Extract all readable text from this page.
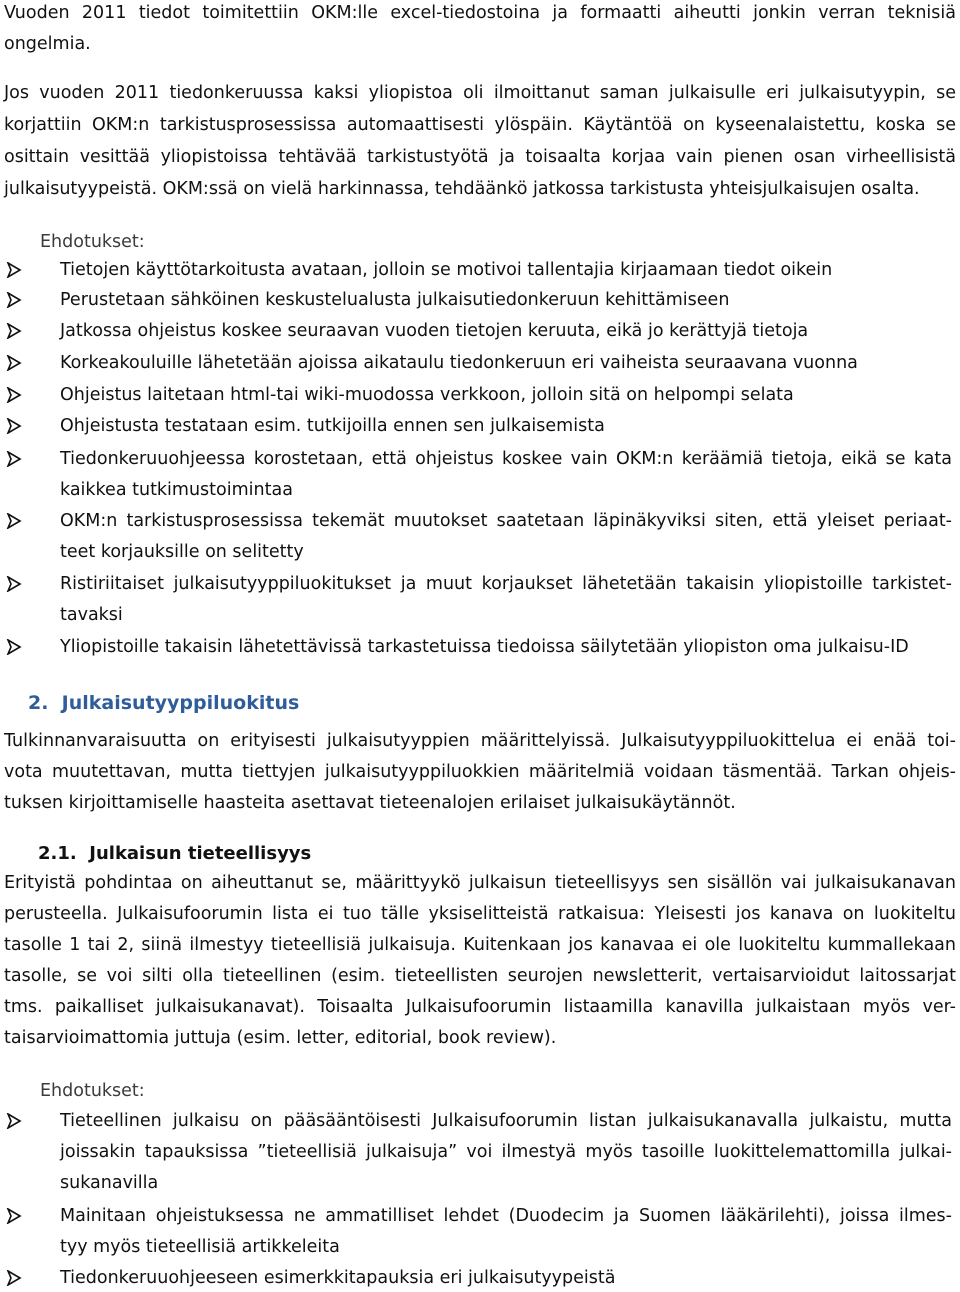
Vuoden 2011 tiedot toimitettiin OKM:lle excel-tiedostoina ja formaatti aiheutti jonkin verran teknisiä
ongelmia.
Jos vuoden 2011 tiedonkeruussa kaksi yliopistoa oli ilmoittanut saman julkaisulle eri julkaisutyypin, se
korjattiin OKM:n tarkistusprosessissa automaattisesti ylöspäin. Käytäntöä on kyseenalaistettu, koska se
osittain vesittää yliopistoissa tehtävää tarkistustyötä ja toisaalta korjaa vain pienen osan virheellisistä
julkaisutyypeistä. OKM:ssä on vielä harkinnassa, tehdäänkö jatkossa tarkistusta yhteisjulkaisujen osalta.
Ehdotukset:
Tietojen käyttötarkoitusta avataan, jolloin se motivoi tallentajia kirjaamaan tiedot oikein
Perustetaan sähköinen keskustelualusta julkaisutiedonkeruun kehittämiseen
Jatkossa ohjeistus koskee seuraavan vuoden tietojen keruuta, eikä jo kerättyjä tietoja
Korkeakouluille lähetetään ajoissa aikataulu tiedonkeruun eri vaiheista seuraavana vuonna
Ohjeistus laitetaan html-tai wiki-muodossa verkkoon, jolloin sitä on helpompi selata
Ohjeistusta testataan esim. tutkijoilla ennen sen julkaisemista
Tiedonkeruuohjeessa korostetaan, että ohjeistus koskee vain OKM:n keräämiä tietoja, eikä se kata
kaikkea tutkimustoimintaa
OKM:n tarkistusprosessissa tekemät muutokset saatetaan läpinäkyviksi siten, että yleiset periaat-
teet korjauksille on selitetty
Ristiriitaiset julkaisutyyppiluokitukset ja muut korjaukset lähetetään takaisin yliopistoille tarkistet-
tavaksi
Yliopistoille takaisin lähetettävissä tarkastetuissa tiedoissa säilytetään yliopiston oma julkaisu-ID
2.  Julkaisutyyppiluokitus
Tulkinnanvaraisuutta on erityisesti julkaisutyyppien määrittelyissä. Julkaisutyyppiluokittelua ei enää toi-
vota muutettavan, mutta tiettyjen julkaisutyyppiluokkien määritelmiä voidaan täsmentää. Tarkan ohjeis-
tuksen kirjoittamiselle haasteita asettavat tieteenalojen erilaiset julkaisukäytännöt.
2.1.  Julkaisun tieteellisyys
Erityistä pohdintaa on aiheuttanut se, määrittyykö julkaisun tieteellisyys sen sisällön vai julkaisukanavan
perusteella. Julkaisufoorumin lista ei tuo tälle yksiselitteistä ratkaisua: Yleisesti jos kanava on luokiteltu
tasolle 1 tai 2, siinä ilmestyy tieteellisiä julkaisuja. Kuitenkaan jos kanavaa ei ole luokiteltu kummallekaan
tasolle, se voi silti olla tieteellinen (esim. tieteellisten seurojen newsletterit, vertaisarvioidut laitossarjat
tms. paikalliset julkaisukanavat). Toisaalta Julkaisufoorumin listaamilla kanavilla julkaistaan myös ver-
taisarvioimattomia juttuja (esim. letter, editorial, book review).
Ehdotukset:
Tieteellinen julkaisu on pääsääntöisesti Julkaisufoorumin listan julkaisukanavalla julkaistu, mutta
joissakin tapauksissa ”tieteellisiä julkaisuja” voi ilmestyä myös tasoille luokittelemattomilla julkai-
sukanavilla
Mainitaan ohjeistuksessa ne ammatilliset lehdet (Duodecim ja Suomen lääkärilehti), joissa ilmes-
tyy myös tieteellisiä artikkeleita
Tiedonkeruuohjeeseen esimerkkitapauksia eri julkaisutyypeistä
